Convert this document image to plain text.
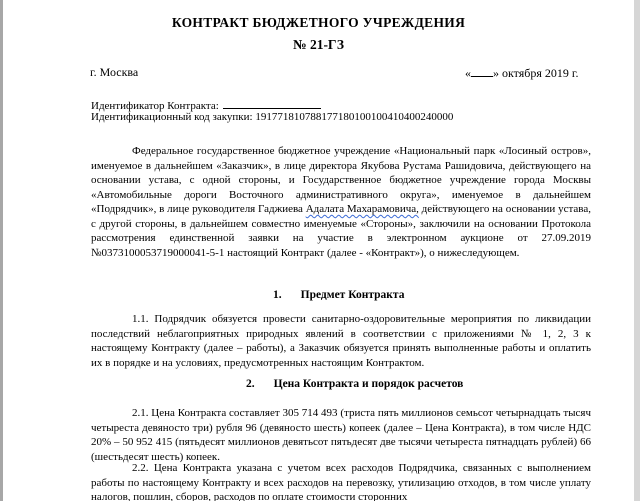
КОНТРАКТ БЮДЖЕТНОГО УЧРЕЖДЕНИЯ
№ 21-ГЗ
г. Москва	« » октября 2019 г.
Идентификатор Контракта:
Идентификационный код закупки: 191771810788177180100100410400240000
Федеральное государственное бюджетное учреждение «Национальный парк «Лосиный остров», именуемое в дальнейшем «Заказчик», в лице директора Якубова Рустама Рашидовича, действующего на основании устава, с одной стороны, и Государственное бюджетное учреждение города Москвы «Автомобильные дороги Восточного административного округа», именуемое в дальнейшем «Подрядчик», в лице руководителя Гаджиева Адалата Махарамовича, действующего на основании устава, с другой стороны, в дальнейшем совместно именуемые «Стороны», заключили на основании Протокола рассмотрения единственной заявки на участие в электронном аукционе от 27.09.2019 №0373100053719000041-5-1 настоящий Контракт (далее - «Контракт»), о нижеследующем.
1. Предмет Контракта
1.1. Подрядчик обязуется провести санитарно-оздоровительные мероприятия по ликвидации последствий неблагоприятных природных явлений в соответствии с приложениями № 1, 2, 3 к настоящему Контракту (далее – работы), а Заказчик обязуется принять выполненные работы и оплатить их в порядке и на условиях, предусмотренных настоящим Контрактом.
2. Цена Контракта и порядок расчетов
2.1. Цена Контракта составляет 305 714 493 (триста пять миллионов семьсот четырнадцать тысяч четыреста девяносто три) рубля 96 (девяносто шесть) копеек (далее – Цена Контракта), в том числе НДС 20% – 50 952 415 (пятьдесят миллионов девятьсот пятьдесят две тысячи четыреста пятнадцать рублей) 66 (шестьдесят шесть) копеек.
2.2. Цена Контракта указана с учетом всех расходов Подрядчика, связанных с выполнением работы по настоящему Контракту и всех расходов на перевозку, утилизацию отходов, в том числе уплату налогов, пошлин, сборов, расходов по оплате стоимости сторонних
